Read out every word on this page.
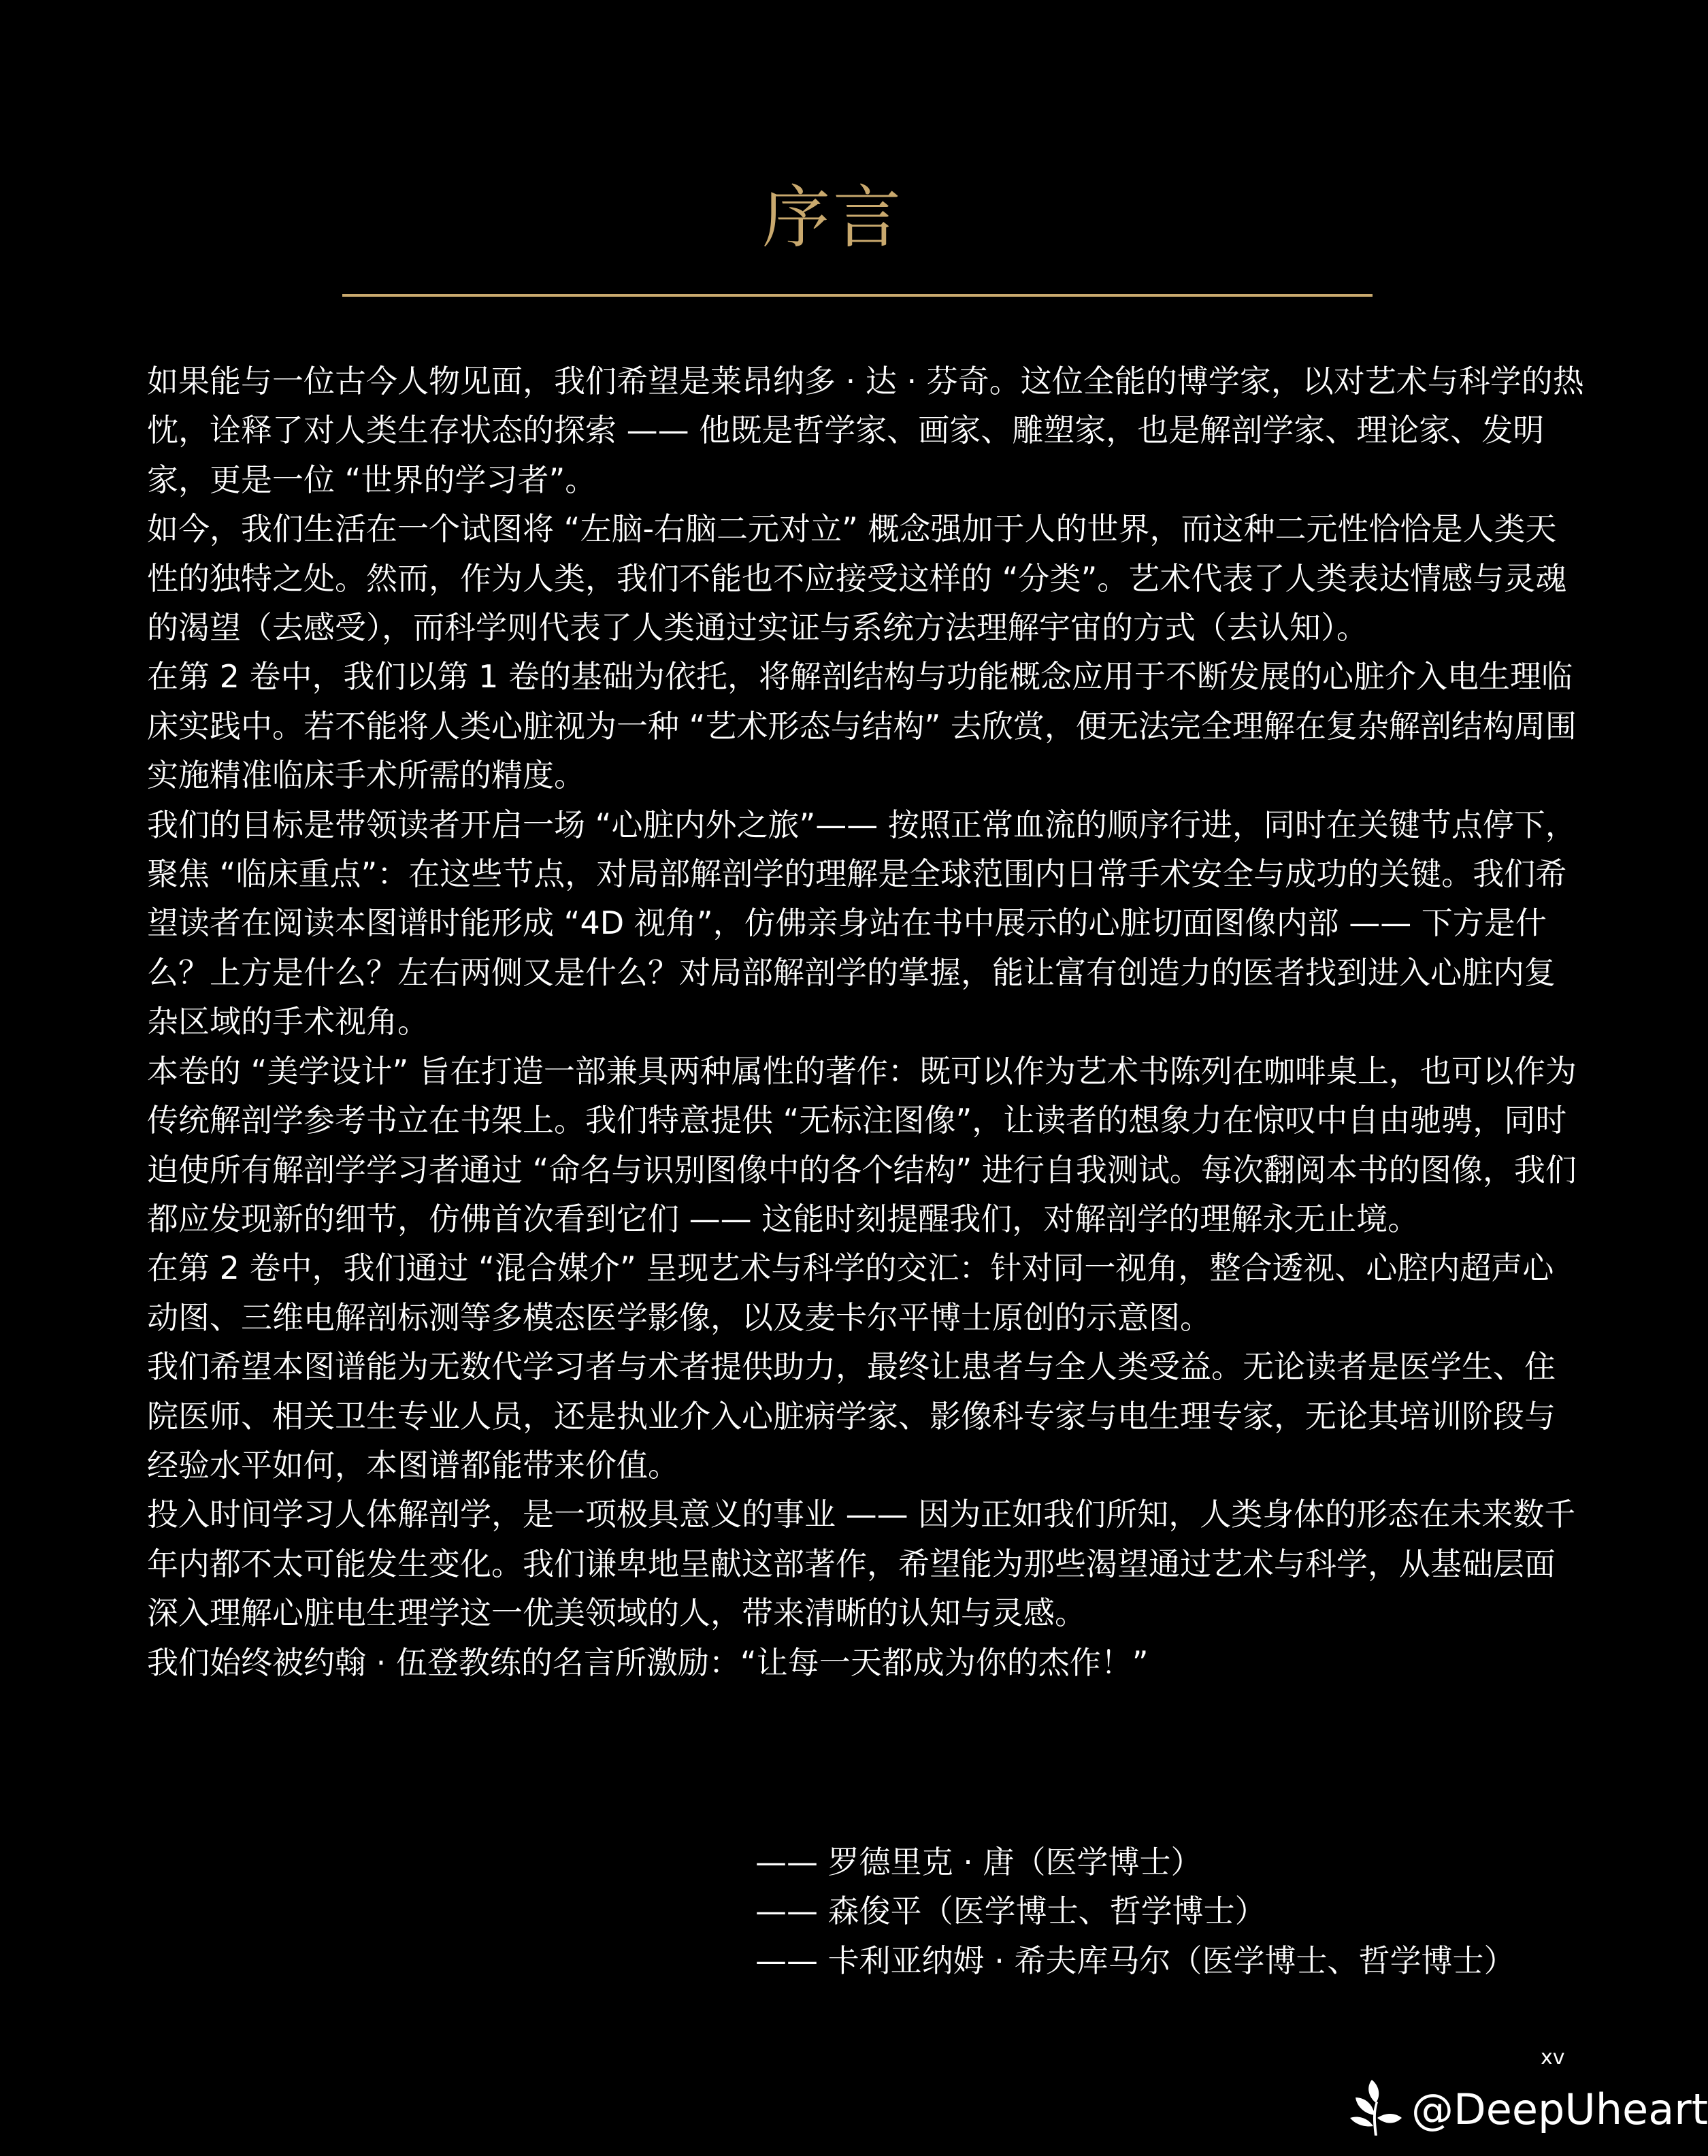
序言

如果能与一位古今人物见面，我们希望是莱昂纳多 · 达 · 芬奇。这位全能的博学家，以对艺术与科学的热忱，诠释了对人类生存状态的探索 —— 他既是哲学家、画家、雕塑家，也是解剖学家、理论家、发明家，更是一位 “世界的学习者”。

如今，我们生活在一个试图将 “左脑-右脑二元对立” 概念强加于人的世界，而这种二元性恰恰是人类天性的独特之处。然而，作为人类，我们不能也不应接受这样的 “分类”。艺术代表了人类表达情感与灵魂的渴望（去感受），而科学则代表了人类通过实证与系统方法理解宇宙的方式（去认知）。

在第 2 卷中，我们以第 1 卷的基础为依托，将解剖结构与功能概念应用于不断发展的心脏介入电生理临床实践中。若不能将人类心脏视为一种 “艺术形态与结构” 去欣赏，便无法完全理解在复杂解剖结构周围实施精准临床手术所需的精度。

我们的目标是带领读者开启一场 “心脏内外之旅”—— 按照正常血流的顺序行进，同时在关键节点停下，聚焦 “临床重点”：在这些节点，对局部解剖学的理解是全球范围内日常手术安全与成功的关键。我们希望读者在阅读本图谱时能形成 “4D 视角”，仿佛亲身站在书中展示的心脏切面图像内部 —— 下方是什么？上方是什么？左右两侧又是什么？对局部解剖学的掌握，能让富有创造力的医者找到进入心脏内复杂区域的手术视角。

本卷的 “美学设计” 旨在打造一部兼具两种属性的著作：既可以作为艺术书陈列在咖啡桌上，也可以作为传统解剖学参考书立在书架上。我们特意提供 “无标注图像”，让读者的想象力在惊叹中自由驰骋，同时迫使所有解剖学学习者通过 “命名与识别图像中的各个结构” 进行自我测试。每次翻阅本书的图像，我们都应发现新的细节，仿佛首次看到它们 —— 这能时刻提醒我们，对解剖学的理解永无止境。

在第 2 卷中，我们通过 “混合媒介” 呈现艺术与科学的交汇：针对同一视角，整合透视、心腔内超声心动图、三维电解剖标测等多模态医学影像，以及麦卡尔平博士原创的示意图。

我们希望本图谱能为无数代学习者与术者提供助力，最终让患者与全人类受益。无论读者是医学生、住院医师、相关卫生专业人员，还是执业介入心脏病学家、影像科专家与电生理专家，无论其培训阶段与经验水平如何，本图谱都能带来价值。

投入时间学习人体解剖学，是一项极具意义的事业 —— 因为正如我们所知，人类身体的形态在未来数千年内都不太可能发生变化。我们谦卑地呈献这部著作，希望能为那些渴望通过艺术与科学，从基础层面深入理解心脏电生理学这一优美领域的人，带来清晰的认知与灵感。

我们始终被约翰 · 伍登教练的名言所激励：“让每一天都成为你的杰作！”

—— 罗德里克 · 唐（医学博士）
—— 森俊平（医学博士、哲学博士）
—— 卡利亚纳姆 · 希夫库马尔（医学博士、哲学博士）
xv
@DeepUheart
